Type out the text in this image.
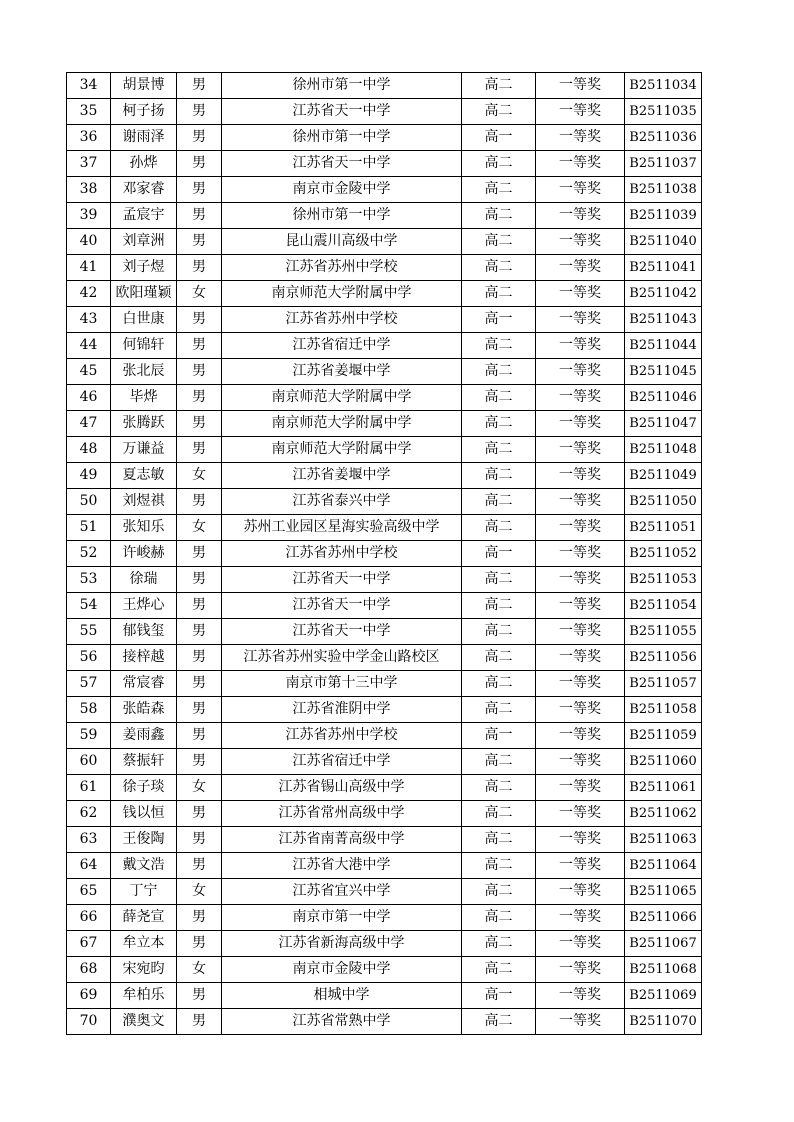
34	胡景博	男	徐州市第一中学	高二	一等奖	B2511034
35	柯子扬	男	江苏省天一中学	高二	一等奖	B2511035
36	谢雨泽	男	徐州市第一中学	高一	一等奖	B2511036
37	孙烨	男	江苏省天一中学	高二	一等奖	B2511037
38	邓家睿	男	南京市金陵中学	高二	一等奖	B2511038
39	孟宸宇	男	徐州市第一中学	高二	一等奖	B2511039
40	刘章洲	男	昆山震川高级中学	高二	一等奖	B2511040
41	刘子煜	男	江苏省苏州中学校	高二	一等奖	B2511041
42	欧阳瑾颖	女	南京师范大学附属中学	高二	一等奖	B2511042
43	白世康	男	江苏省苏州中学校	高一	一等奖	B2511043
44	何锦轩	男	江苏省宿迁中学	高二	一等奖	B2511044
45	张北辰	男	江苏省姜堰中学	高二	一等奖	B2511045
46	毕烨	男	南京师范大学附属中学	高二	一等奖	B2511046
47	张腾跃	男	南京师范大学附属中学	高二	一等奖	B2511047
48	万谦益	男	南京师范大学附属中学	高二	一等奖	B2511048
49	夏志敏	女	江苏省姜堰中学	高二	一等奖	B2511049
50	刘煜祺	男	江苏省泰兴中学	高二	一等奖	B2511050
51	张知乐	女	苏州工业园区星海实验高级中学	高二	一等奖	B2511051
52	许峻赫	男	江苏省苏州中学校	高一	一等奖	B2511052
53	徐瑞	男	江苏省天一中学	高二	一等奖	B2511053
54	王烨心	男	江苏省天一中学	高二	一等奖	B2511054
55	郁钱玺	男	江苏省天一中学	高二	一等奖	B2511055
56	接梓越	男	江苏省苏州实验中学金山路校区	高二	一等奖	B2511056
57	常宸睿	男	南京市第十三中学	高二	一等奖	B2511057
58	张皓森	男	江苏省淮阴中学	高二	一等奖	B2511058
59	姜雨鑫	男	江苏省苏州中学校	高一	一等奖	B2511059
60	蔡振轩	男	江苏省宿迁中学	高二	一等奖	B2511060
61	徐子琰	女	江苏省锡山高级中学	高二	一等奖	B2511061
62	钱以恒	男	江苏省常州高级中学	高二	一等奖	B2511062
63	王俊陶	男	江苏省南菁高级中学	高二	一等奖	B2511063
64	戴文浩	男	江苏省大港中学	高二	一等奖	B2511064
65	丁宁	女	江苏省宜兴中学	高二	一等奖	B2511065
66	薛尧宣	男	南京市第一中学	高二	一等奖	B2511066
67	牟立本	男	江苏省新海高级中学	高二	一等奖	B2511067
68	宋宛昀	女	南京市金陵中学	高二	一等奖	B2511068
69	牟柏乐	男	相城中学	高一	一等奖	B2511069
70	濮奥文	男	江苏省常熟中学	高二	一等奖	B2511070
